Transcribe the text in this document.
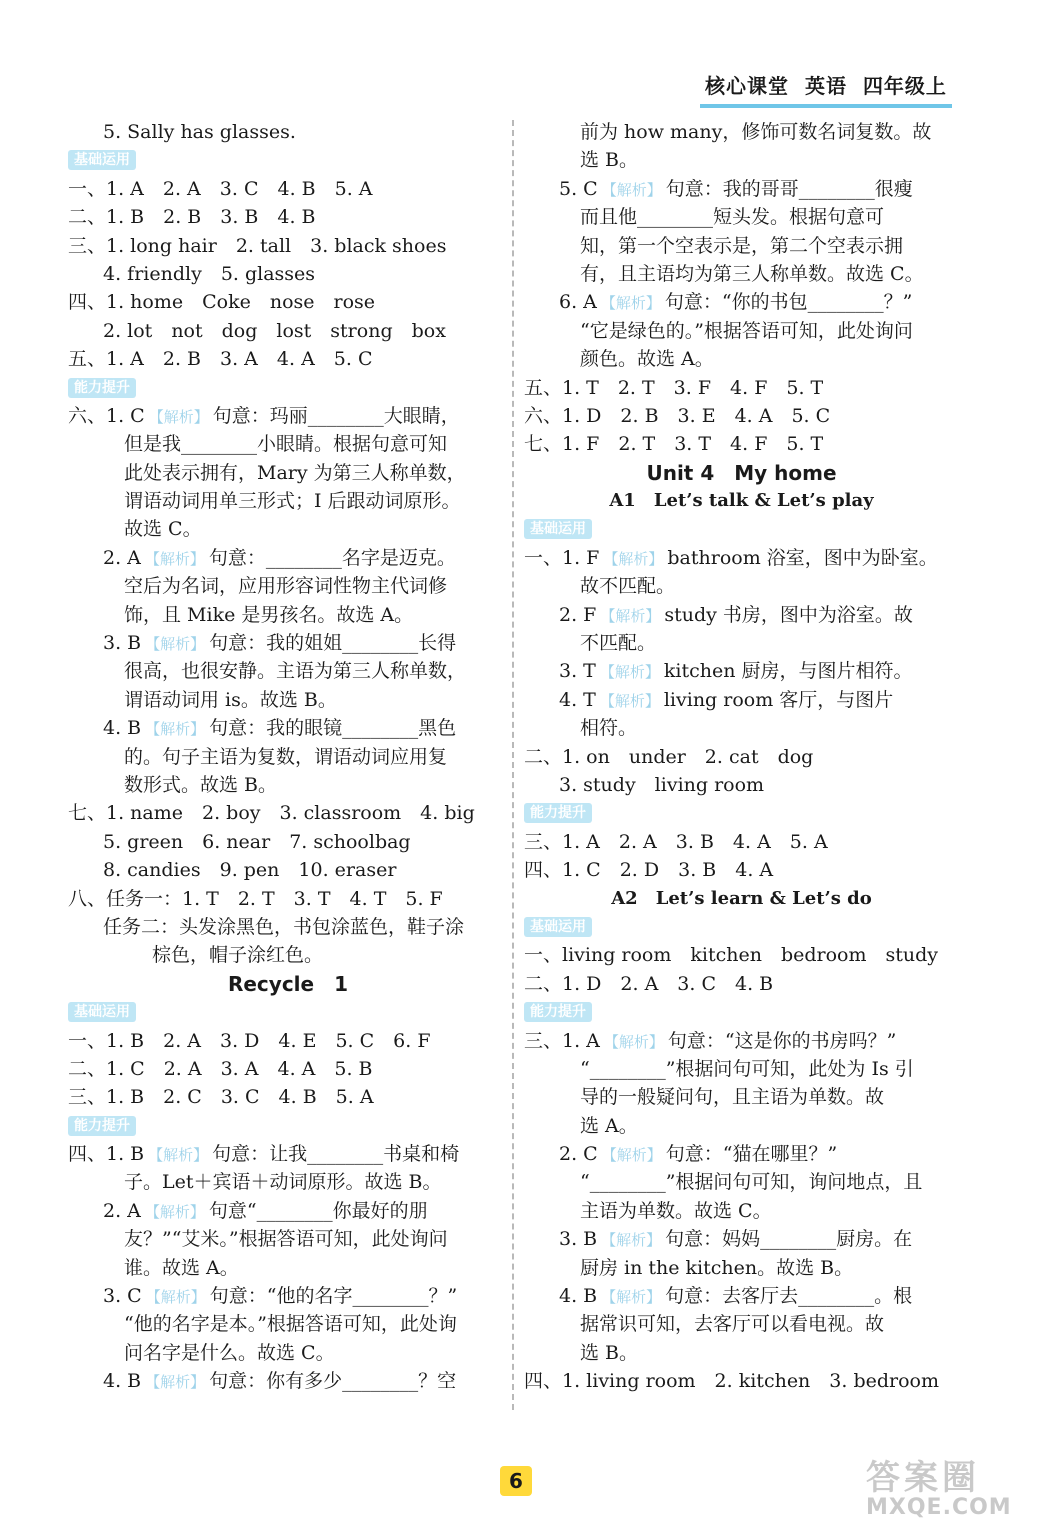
核心课堂 英语 四年级上
5. Sally has glasses.
基础运用
一、1. A　2. A　3. C　4. B　5. A
二、1. B　2. B　3. B　4. B
三、1. long hair　2. tall　3. black shoes
4. friendly　5. glasses
四、1. home　Coke　nose　rose
2. lot　not　dog　lost　strong　box
五、1. A　2. B　3. A　4. A　5. C
能力提升
六、1. C 【解析】 句意：玛丽________大眼睛，
但是我________小眼睛。根据句意可知
此处表示拥有，Mary 为第三人称单数，
谓语动词用单三形式；I 后跟动词原形。
故选 C。
2. A 【解析】 句意：________名字是迈克。
空后为名词，应用形容词性物主代词修
饰，且 Mike 是男孩名。故选 A。
3. B 【解析】 句意：我的姐姐________长得
很高，也很安静。主语为第三人称单数，
谓语动词用 is。故选 B。
4. B 【解析】 句意：我的眼镜________黑色
的。句子主语为复数，谓语动词应用复
数形式。故选 B。
七、1. name　2. boy　3. classroom　4. big
5. green　6. near　7. schoolbag
8. candies　9. pen　10. eraser
八、任务一：1. T　2. T　3. T　4. T　5. F
任务二：头发涂黑色，书包涂蓝色，鞋子涂
棕色，帽子涂红色。
Recycle　1
基础运用
一、1. B　2. A　3. D　4. E　5. C　6. F
二、1. C　2. A　3. A　4. A　5. B
三、1. B　2. C　3. C　4. B　5. A
能力提升
四、1. B 【解析】 句意：让我________书桌和椅
子。Let＋宾语＋动词原形。故选 B。
2. A 【解析】 句意“________你最好的朋
友？”“艾米。”根据答语可知，此处询问
谁。故选 A。
3. C 【解析】 句意：“他的名字________？”
“他的名字是本。”根据答语可知，此处询
问名字是什么。故选 C。
4. B 【解析】 句意：你有多少________？空
前为 how many，修饰可数名词复数。故
选 B。
5. C 【解析】 句意：我的哥哥________很瘦
而且他________短头发。根据句意可
知，第一个空表示是，第二个空表示拥
有，且主语均为第三人称单数。故选 C。
6. A 【解析】 句意：“你的书包________？”
“它是绿色的。”根据答语可知，此处询问
颜色。故选 A。
五、1. T　2. T　3. F　4. F　5. T
六、1. D　2. B　3. E　4. A　5. C
七、1. F　2. T　3. T　4. F　5. T
Unit 4　My home
A1　Let’s talk & Let’s play
基础运用
一、1. F 【解析】 bathroom 浴室，图中为卧室。
故不匹配。
2. F 【解析】 study 书房，图中为浴室。故
不匹配。
3. T 【解析】 kitchen 厨房，与图片相符。
4. T 【解析】 living room 客厅，与图片
相符。
二、1. on　under　2. cat　dog
3. study　living room
能力提升
三、1. A　2. A　3. B　4. A　5. A
四、1. C　2. D　3. B　4. A
A2　Let’s learn & Let’s do
基础运用
一、living room　kitchen　bedroom　study
二、1. D　2. A　3. C　4. B
能力提升
三、1. A 【解析】 句意：“这是你的书房吗？”
“________”根据问句可知，此处为 Is 引
导的一般疑问句，且主语为单数。故
选 A。
2. C 【解析】 句意：“猫在哪里？”
“________”根据问句可知，询问地点，且
主语为单数。故选 C。
3. B 【解析】 句意：妈妈________厨房。在
厨房 in the kitchen。故选 B。
4. B 【解析】 句意：去客厅去________。根
据常识可知，去客厅可以看电视。故
选 B。
四、1. living room　2. kitchen　3. bedroom
6	答案圈
MXQE.COM
